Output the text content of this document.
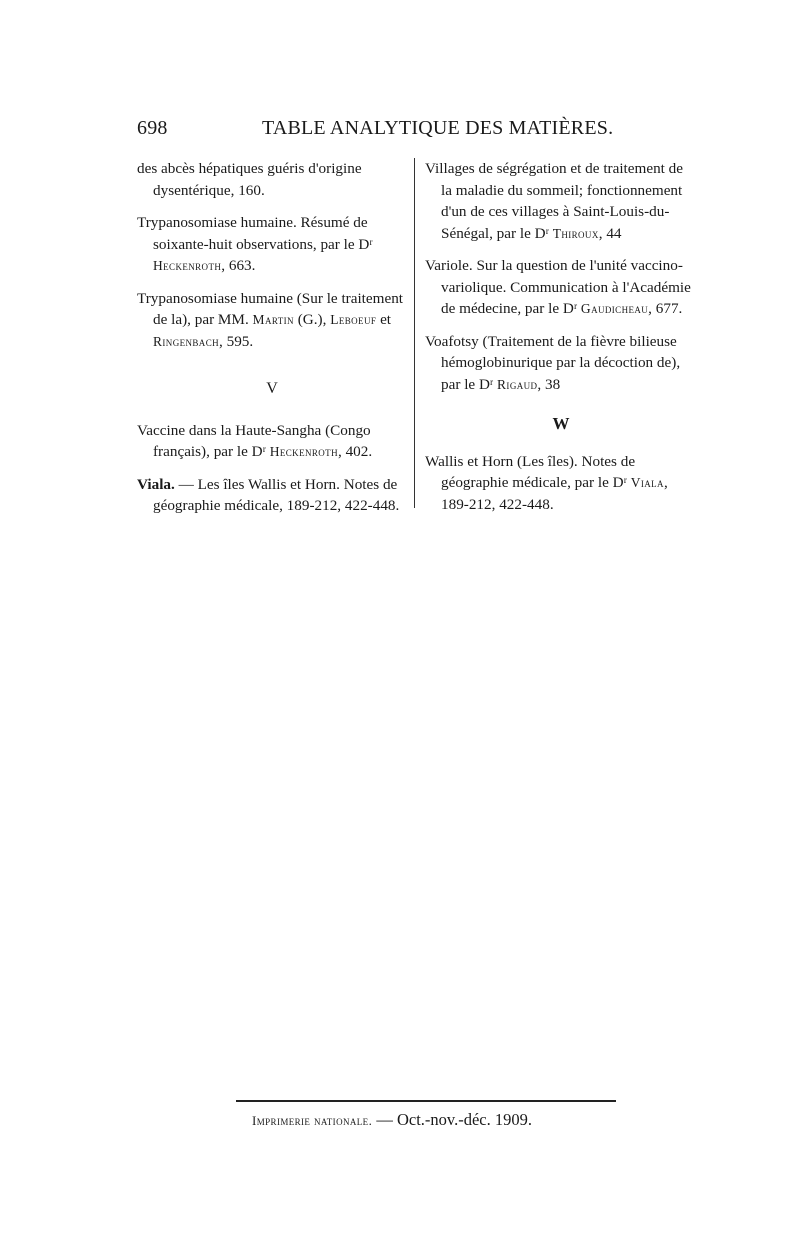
698	TABLE ANALYTIQUE DES MATIÈRES.

des abcès hépatiques guéris d'origine dysentérique, 160.

Trypanosomiase humaine. Résumé de soixante-huit observations, par le Dʳ Heckenroth, 663.

Trypanosomiase humaine (Sur le traitement de la), par MM. Martin (G.), Leboeuf et Ringenbach, 595.

V

Vaccine dans la Haute-Sangha (Congo français), par le Dʳ Heckenroth, 402.

Viala. — Les îles Wallis et Horn. Notes de géographie médicale, 189-212, 422-448.

Villages de ségrégation et de traitement de la maladie du sommeil; fonctionnement d'un de ces villages à Saint-Louis-du-Sénégal, par le Dʳ Thiroux, 44

Variole. Sur la question de l'unité vaccino-variolique. Communication à l'Académie de médecine, par le Dʳ Gaudicheau, 677.

Voafotsy (Traitement de la fièvre bilieuse hémoglobinurique par la décoction de), par le Dʳ Rigaud, 38

W

Wallis et Horn (Les îles). Notes de géographie médicale, par le Dʳ Viala, 189-212, 422-448.

Imprimerie nationale. — Oct.-nov.-déc. 1909.
